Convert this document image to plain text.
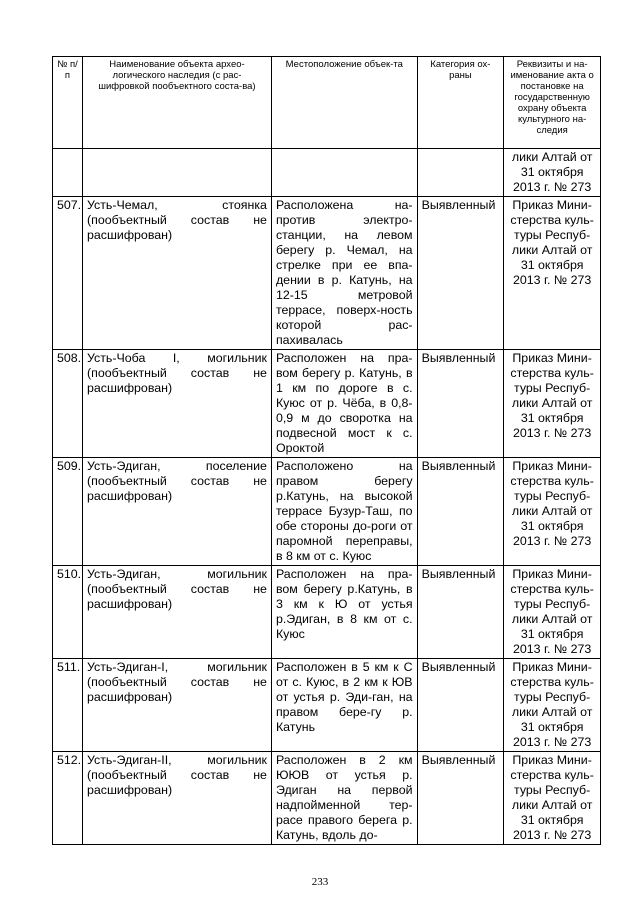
№ п/п	Наименование объекта архео-логического наследия (с рас-шифровкой пообъектного соста-ва)	Местоположение объек-та	Категория ох-раны	Реквизиты и на-именование акта о постановке на государственную охрану объекта культурного на-следия
				лики Алтай от 31 октября 2013 г. № 273
507.	Усть-Чемал, стоянка (пообъектный состав не расшифрован)	Расположена на-против электро-станции, на левом берегу р. Чемал, на стрелке при ее впа-дении в р. Катунь, на 12-15 метровой террасе, поверх-ность которой рас-пахивалась	Выявленный	Приказ Мини-стерства куль-туры Респуб-лики Алтай от 31 октября 2013 г. № 273
508.	Усть-Чоба I, могильник (пообъектный состав не расшифрован)	Расположен на пра-вом берегу р. Катунь, в 1 км по дороге в с. Куюс от р. Чёба, в 0,8-0,9 м до своротка на подвесной мост к с. Ороктой	Выявленный	Приказ Мини-стерства куль-туры Респуб-лики Алтай от 31 октября 2013 г. № 273
509.	Усть-Эдиган, поселение (пообъектный состав не расшифрован)	Расположено на правом берегу р.Катунь, на высокой террасе Бузур-Таш, по обе стороны до-роги от паромной переправы, в 8 км от с. Куюс	Выявленный	Приказ Мини-стерства куль-туры Респуб-лики Алтай от 31 октября 2013 г. № 273
510.	Усть-Эдиган, могильник (пообъектный состав не расшифрован)	Расположен на пра-вом берегу р.Катунь, в 3 км к Ю от устья р.Эдиган, в 8 км от с. Куюс	Выявленный	Приказ Мини-стерства куль-туры Респуб-лики Алтай от 31 октября 2013 г. № 273
511.	Усть-Эдиган-I, могильник (пообъектный состав не расшифрован)	Расположен в 5 км к С от с. Куюс, в 2 км к ЮВ от устья р. Эди-ган, на правом бере-гу р. Катунь	Выявленный	Приказ Мини-стерства куль-туры Респуб-лики Алтай от 31 октября 2013 г. № 273
512.	Усть-Эдиган-II, могильник (пообъектный состав не расшифрован)	Расположен в 2 км ЮЮВ от устья р. Эдиган на первой надпойменной тер-расе правого берега р. Катунь, вдоль до-	Выявленный	Приказ Мини-стерства куль-туры Респуб-лики Алтай от 31 октября 2013 г. № 273
233
